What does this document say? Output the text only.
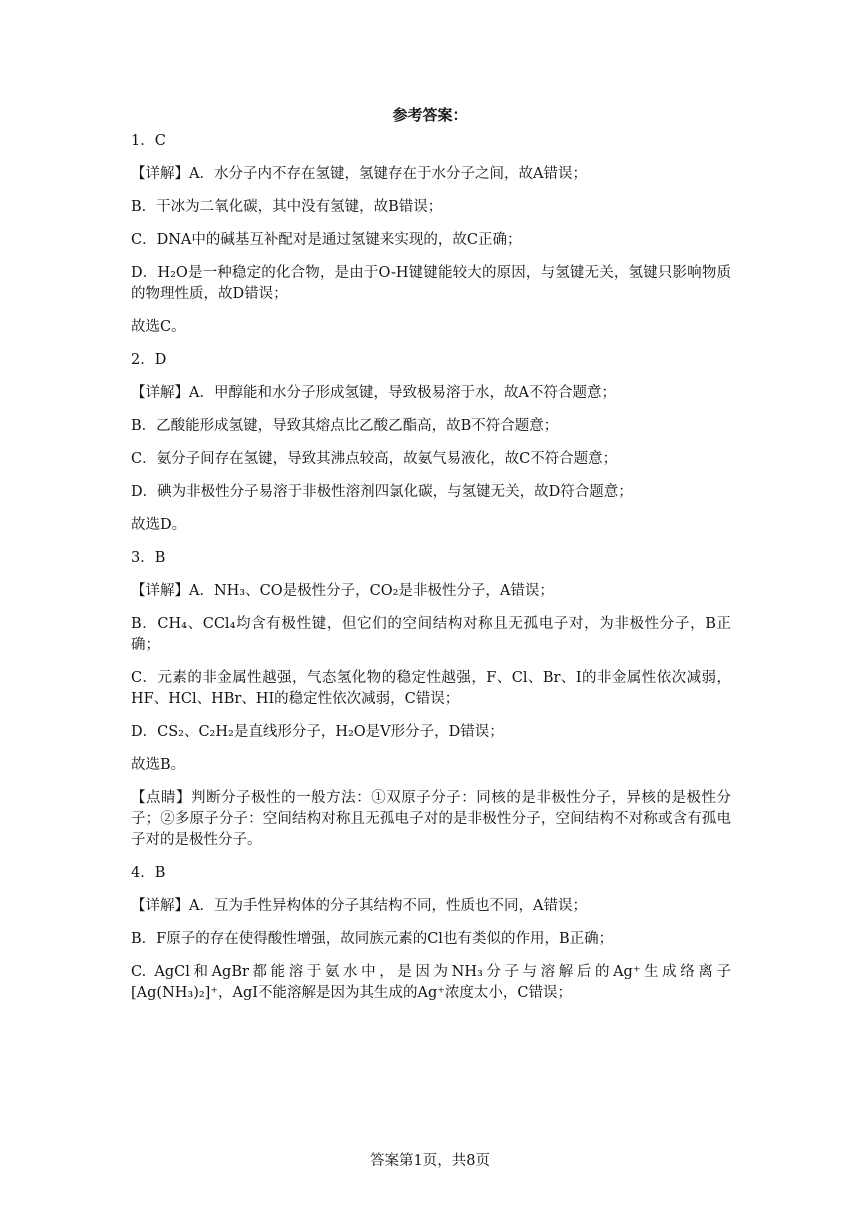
参考答案：
1．C
【详解】A．水分子内不存在氢键，氢键存在于水分子之间，故A错误；
B．干冰为二氧化碳，其中没有氢键，故B错误；
C．DNA中的碱基互补配对是通过氢键来实现的，故C正确；
D．H₂O是一种稳定的化合物，是由于O-H键键能较大的原因，与氢键无关，氢键只影响物质的物理性质，故D错误；
故选C。
2．D
【详解】A．甲醇能和水分子形成氢键，导致极易溶于水，故A不符合题意；
B．乙酸能形成氢键，导致其熔点比乙酸乙酯高，故B不符合题意；
C．氨分子间存在氢键，导致其沸点较高，故氨气易液化，故C不符合题意；
D．碘为非极性分子易溶于非极性溶剂四氯化碳，与氢键无关，故D符合题意；
故选D。
3．B
【详解】A．NH₃、CO是极性分子，CO₂是非极性分子，A错误；
B．CH₄、CCl₄均含有极性键，但它们的空间结构对称且无孤电子对，为非极性分子，B正确；
C．元素的非金属性越强，气态氢化物的稳定性越强，F、Cl、Br、I的非金属性依次减弱，HF、HCl、HBr、HI的稳定性依次减弱，C错误；
D．CS₂、C₂H₂是直线形分子，H₂O是V形分子，D错误；
故选B。
【点睛】判断分子极性的一般方法：①双原子分子：同核的是非极性分子，异核的是极性分子；②多原子分子：空间结构对称且无孤电子对的是非极性分子，空间结构不对称或含有孤电子对的是极性分子。
4．B
【详解】A．互为手性异构体的分子其结构不同，性质也不同，A错误；
B．F原子的存在使得酸性增强，故同族元素的Cl也有类似的作用，B正确；
C. AgCl和AgBr都能溶于氨水中，是因为NH₃分子与溶解后的Ag⁺生成络离子[Ag(NH₃)₂]⁺，AgI不能溶解是因为其生成的Ag⁺浓度太小，C错误；
答案第1页，共8页
